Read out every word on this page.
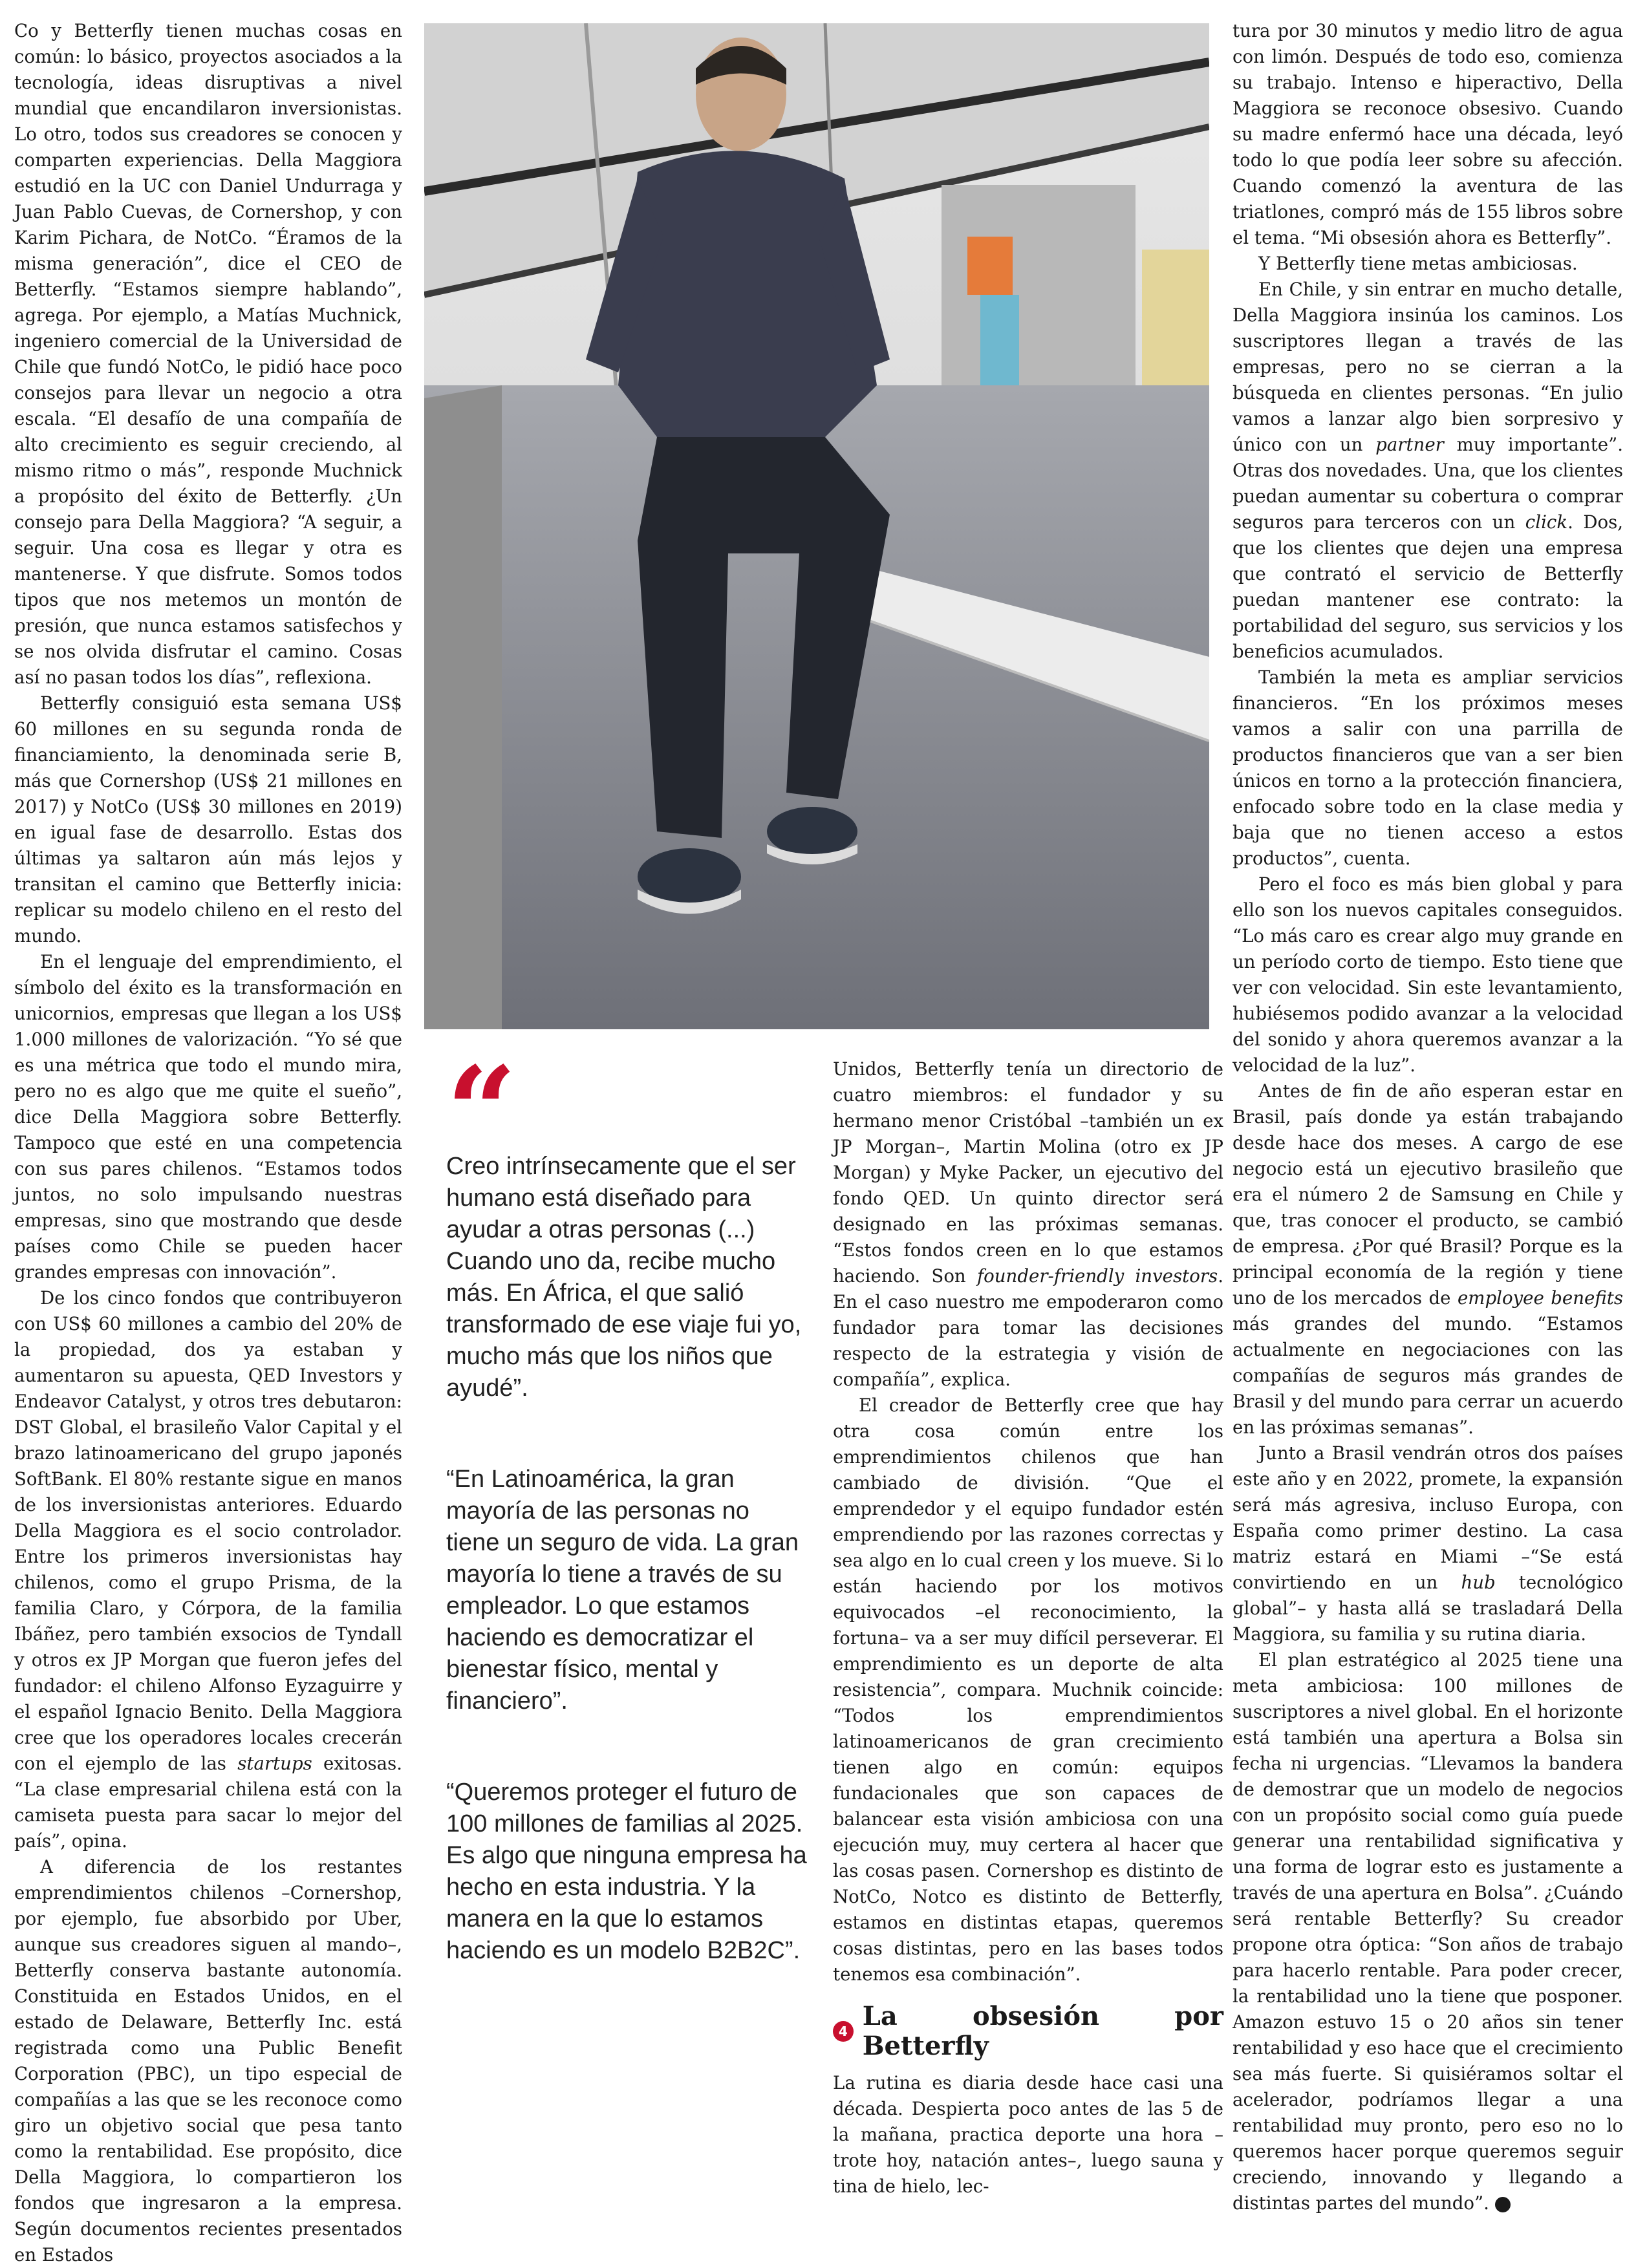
Co y Betterfly tienen muchas cosas en común: lo básico, proyectos asociados a la tecnología, ideas disruptivas a nivel mundial que encandilaron inversionistas. Lo otro, todos sus creadores se conocen y comparten experiencias. Della Maggiora estudió en la UC con Daniel Undurraga y Juan Pablo Cuevas, de Cornershop, y con Karim Pichara, de NotCo. “Éramos de la misma generación”, dice el CEO de Betterfly. “Estamos siempre hablando”, agrega. Por ejemplo, a Matías Muchnick, ingeniero comercial de la Universidad de Chile que fundó NotCo, le pidió hace poco consejos para llevar un negocio a otra escala. “El desafío de una compañía de alto crecimiento es seguir creciendo, al mismo ritmo o más”, responde Muchnick a propósito del éxito de Betterfly. ¿Un consejo para Della Maggiora? “A seguir, a seguir. Una cosa es llegar y otra es mantenerse. Y que disfrute. Somos todos tipos que nos metemos un montón de presión, que nunca estamos satisfechos y se nos olvida disfrutar el camino. Cosas así no pasan todos los días”, reflexiona.

Betterfly consiguió esta semana US$ 60 millones en su segunda ronda de financiamiento, la denominada serie B, más que Cornershop (US$ 21 millones en 2017) y NotCo (US$ 30 millones en 2019) en igual fase de desarrollo. Estas dos últimas ya saltaron aún más lejos y transitan el camino que Betterfly inicia: replicar su modelo chileno en el resto del mundo.

En el lenguaje del emprendimiento, el símbolo del éxito es la transformación en unicornios, empresas que llegan a los US$ 1.000 millones de valorización. “Yo sé que es una métrica que todo el mundo mira, pero no es algo que me quite el sueño”, dice Della Maggiora sobre Betterfly. Tampoco que esté en una competencia con sus pares chilenos. “Estamos todos juntos, no solo impulsando nuestras empresas, sino que mostrando que desde países como Chile se pueden hacer grandes empresas con innovación”.

De los cinco fondos que contribuyeron con US$ 60 millones a cambio del 20% de la propiedad, dos ya estaban y aumentaron su apuesta, QED Investors y Endeavor Catalyst, y otros tres debutaron: DST Global, el brasileño Valor Capital y el brazo latinoamericano del grupo japonés SoftBank. El 80% restante sigue en manos de los inversionistas anteriores. Eduardo Della Maggiora es el socio controlador. Entre los primeros inversionistas hay chilenos, como el grupo Prisma, de la familia Claro, y Córpora, de la familia Ibáñez, pero también exsocios de Tyndall y otros ex JP Morgan que fueron jefes del fundador: el chileno Alfonso Eyzaguirre y el español Ignacio Benito. Della Maggiora cree que los operadores locales crecerán con el ejemplo de las startups exitosas. “La clase empresarial chilena está con la camiseta puesta para sacar lo mejor del país”, opina.

A diferencia de los restantes emprendimientos chilenos –Cornershop, por ejemplo, fue absorbido por Uber, aunque sus creadores siguen al mando–, Betterfly conserva bastante autonomía. Constituida en Estados Unidos, en el estado de Delaware, Betterfly Inc. está registrada como una Public Benefit Corporation (PBC), un tipo especial de compañías a las que se les reconoce como giro un objetivo social que pesa tanto como la rentabilidad. Ese propósito, dice Della Maggiora, lo compartieron los fondos que ingresaron a la empresa. Según documentos recientes presentados en Estados

“

Creo intrínsecamente que el ser humano está diseñado para ayudar a otras personas (...) Cuando uno da, recibe mucho más. En África, el que salió transformado de ese viaje fui yo, mucho más que los niños que ayudé”.

“En Latinoamérica, la gran mayoría de las personas no tiene un seguro de vida. La gran mayoría lo tiene a través de su empleador. Lo que estamos haciendo es democratizar el bienestar físico, mental y financiero”.

“Queremos proteger el futuro de 100 millones de familias al 2025. Es algo que ninguna empresa ha hecho en esta industria. Y la manera en la que lo estamos haciendo es un modelo B2B2C”.

Unidos, Betterfly tenía un directorio de cuatro miembros: el fundador y su hermano menor Cristóbal –también un ex JP Morgan–, Martin Molina (otro ex JP Morgan) y Myke Packer, un ejecutivo del fondo QED. Un quinto director será designado en las próximas semanas. “Estos fondos creen en lo que estamos haciendo. Son founder-friendly investors. En el caso nuestro me empoderaron como fundador para tomar las decisiones respecto de la estrategia y visión de compañía”, explica.

El creador de Betterfly cree que hay otra cosa común entre los emprendimientos chilenos que han cambiado de división. “Que el emprendedor y el equipo fundador estén emprendiendo por las razones correctas y sea algo en lo cual creen y los mueve. Si lo están haciendo por los motivos equivocados –el reconocimiento, la fortuna– va a ser muy difícil perseverar. El emprendimiento es un deporte de alta resistencia”, compara. Muchnik coincide: “Todos los emprendimientos latinoamericanos de gran crecimiento tienen algo en común: equipos fundacionales que son capaces de balancear esta visión ambiciosa con una ejecución muy, muy certera al hacer que las cosas pasen. Cornershop es distinto de NotCo, Notco es distinto de Betterfly, estamos en distintas etapas, queremos cosas distintas, pero en las bases todos tenemos esa combinación”.

4 La obsesión por Betterfly

La rutina es diaria desde hace casi una década. Despierta poco antes de las 5 de la mañana, practica deporte una hora –trote hoy, natación antes–, luego sauna y tina de hielo, lec-

tura por 30 minutos y medio litro de agua con limón. Después de todo eso, comienza su trabajo. Intenso e hiperactivo, Della Maggiora se reconoce obsesivo. Cuando su madre enfermó hace una década, leyó todo lo que podía leer sobre su afección. Cuando comenzó la aventura de las triatlones, compró más de 155 libros sobre el tema. “Mi obsesión ahora es Betterfly”.

Y Betterfly tiene metas ambiciosas.

En Chile, y sin entrar en mucho detalle, Della Maggiora insinúa los caminos. Los suscriptores llegan a través de las empresas, pero no se cierran a la búsqueda en clientes personas. “En julio vamos a lanzar algo bien sorpresivo y único con un partner muy importante”. Otras dos novedades. Una, que los clientes puedan aumentar su cobertura o comprar seguros para terceros con un click. Dos, que los clientes que dejen una empresa que contrató el servicio de Betterfly puedan mantener ese contrato: la portabilidad del seguro, sus servicios y los beneficios acumulados.

También la meta es ampliar servicios financieros. “En los próximos meses vamos a salir con una parrilla de productos financieros que van a ser bien únicos en torno a la protección financiera, enfocado sobre todo en la clase media y baja que no tienen acceso a estos productos”, cuenta.

Pero el foco es más bien global y para ello son los nuevos capitales conseguidos. “Lo más caro es crear algo muy grande en un período corto de tiempo. Esto tiene que ver con velocidad. Sin este levantamiento, hubiésemos podido avanzar a la velocidad del sonido y ahora queremos avanzar a la velocidad de la luz”.

Antes de fin de año esperan estar en Brasil, país donde ya están trabajando desde hace dos meses. A cargo de ese negocio está un ejecutivo brasileño que era el número 2 de Samsung en Chile y que, tras conocer el producto, se cambió de empresa. ¿Por qué Brasil? Porque es la principal economía de la región y tiene uno de los mercados de employee benefits más grandes del mundo. “Estamos actualmente en negociaciones con las compañías de seguros más grandes de Brasil y del mundo para cerrar un acuerdo en las próximas semanas”.

Junto a Brasil vendrán otros dos países este año y en 2022, promete, la expansión será más agresiva, incluso Europa, con España como primer destino. La casa matriz estará en Miami –“Se está convirtiendo en un hub tecnológico global”– y hasta allá se trasladará Della Maggiora, su familia y su rutina diaria.

El plan estratégico al 2025 tiene una meta ambiciosa: 100 millones de suscriptores a nivel global. En el horizonte está también una apertura a Bolsa sin fecha ni urgencias. “Llevamos la bandera de demostrar que un modelo de negocios con un propósito social como guía puede generar una rentabilidad significativa y una forma de lograr esto es justamente a través de una apertura en Bolsa”. ¿Cuándo será rentable Betterfly? Su creador propone otra óptica: “Son años de trabajo para hacerlo rentable. Para poder crecer, la rentabilidad uno la tiene que posponer. Amazon estuvo 15 o 20 años sin tener rentabilidad y eso hace que el crecimiento sea más fuerte. Si quisiéramos soltar el acelerador, podríamos llegar a una rentabilidad muy pronto, pero eso no lo queremos hacer porque queremos seguir creciendo, innovando y llegando a distintas partes del mundo”.	P
